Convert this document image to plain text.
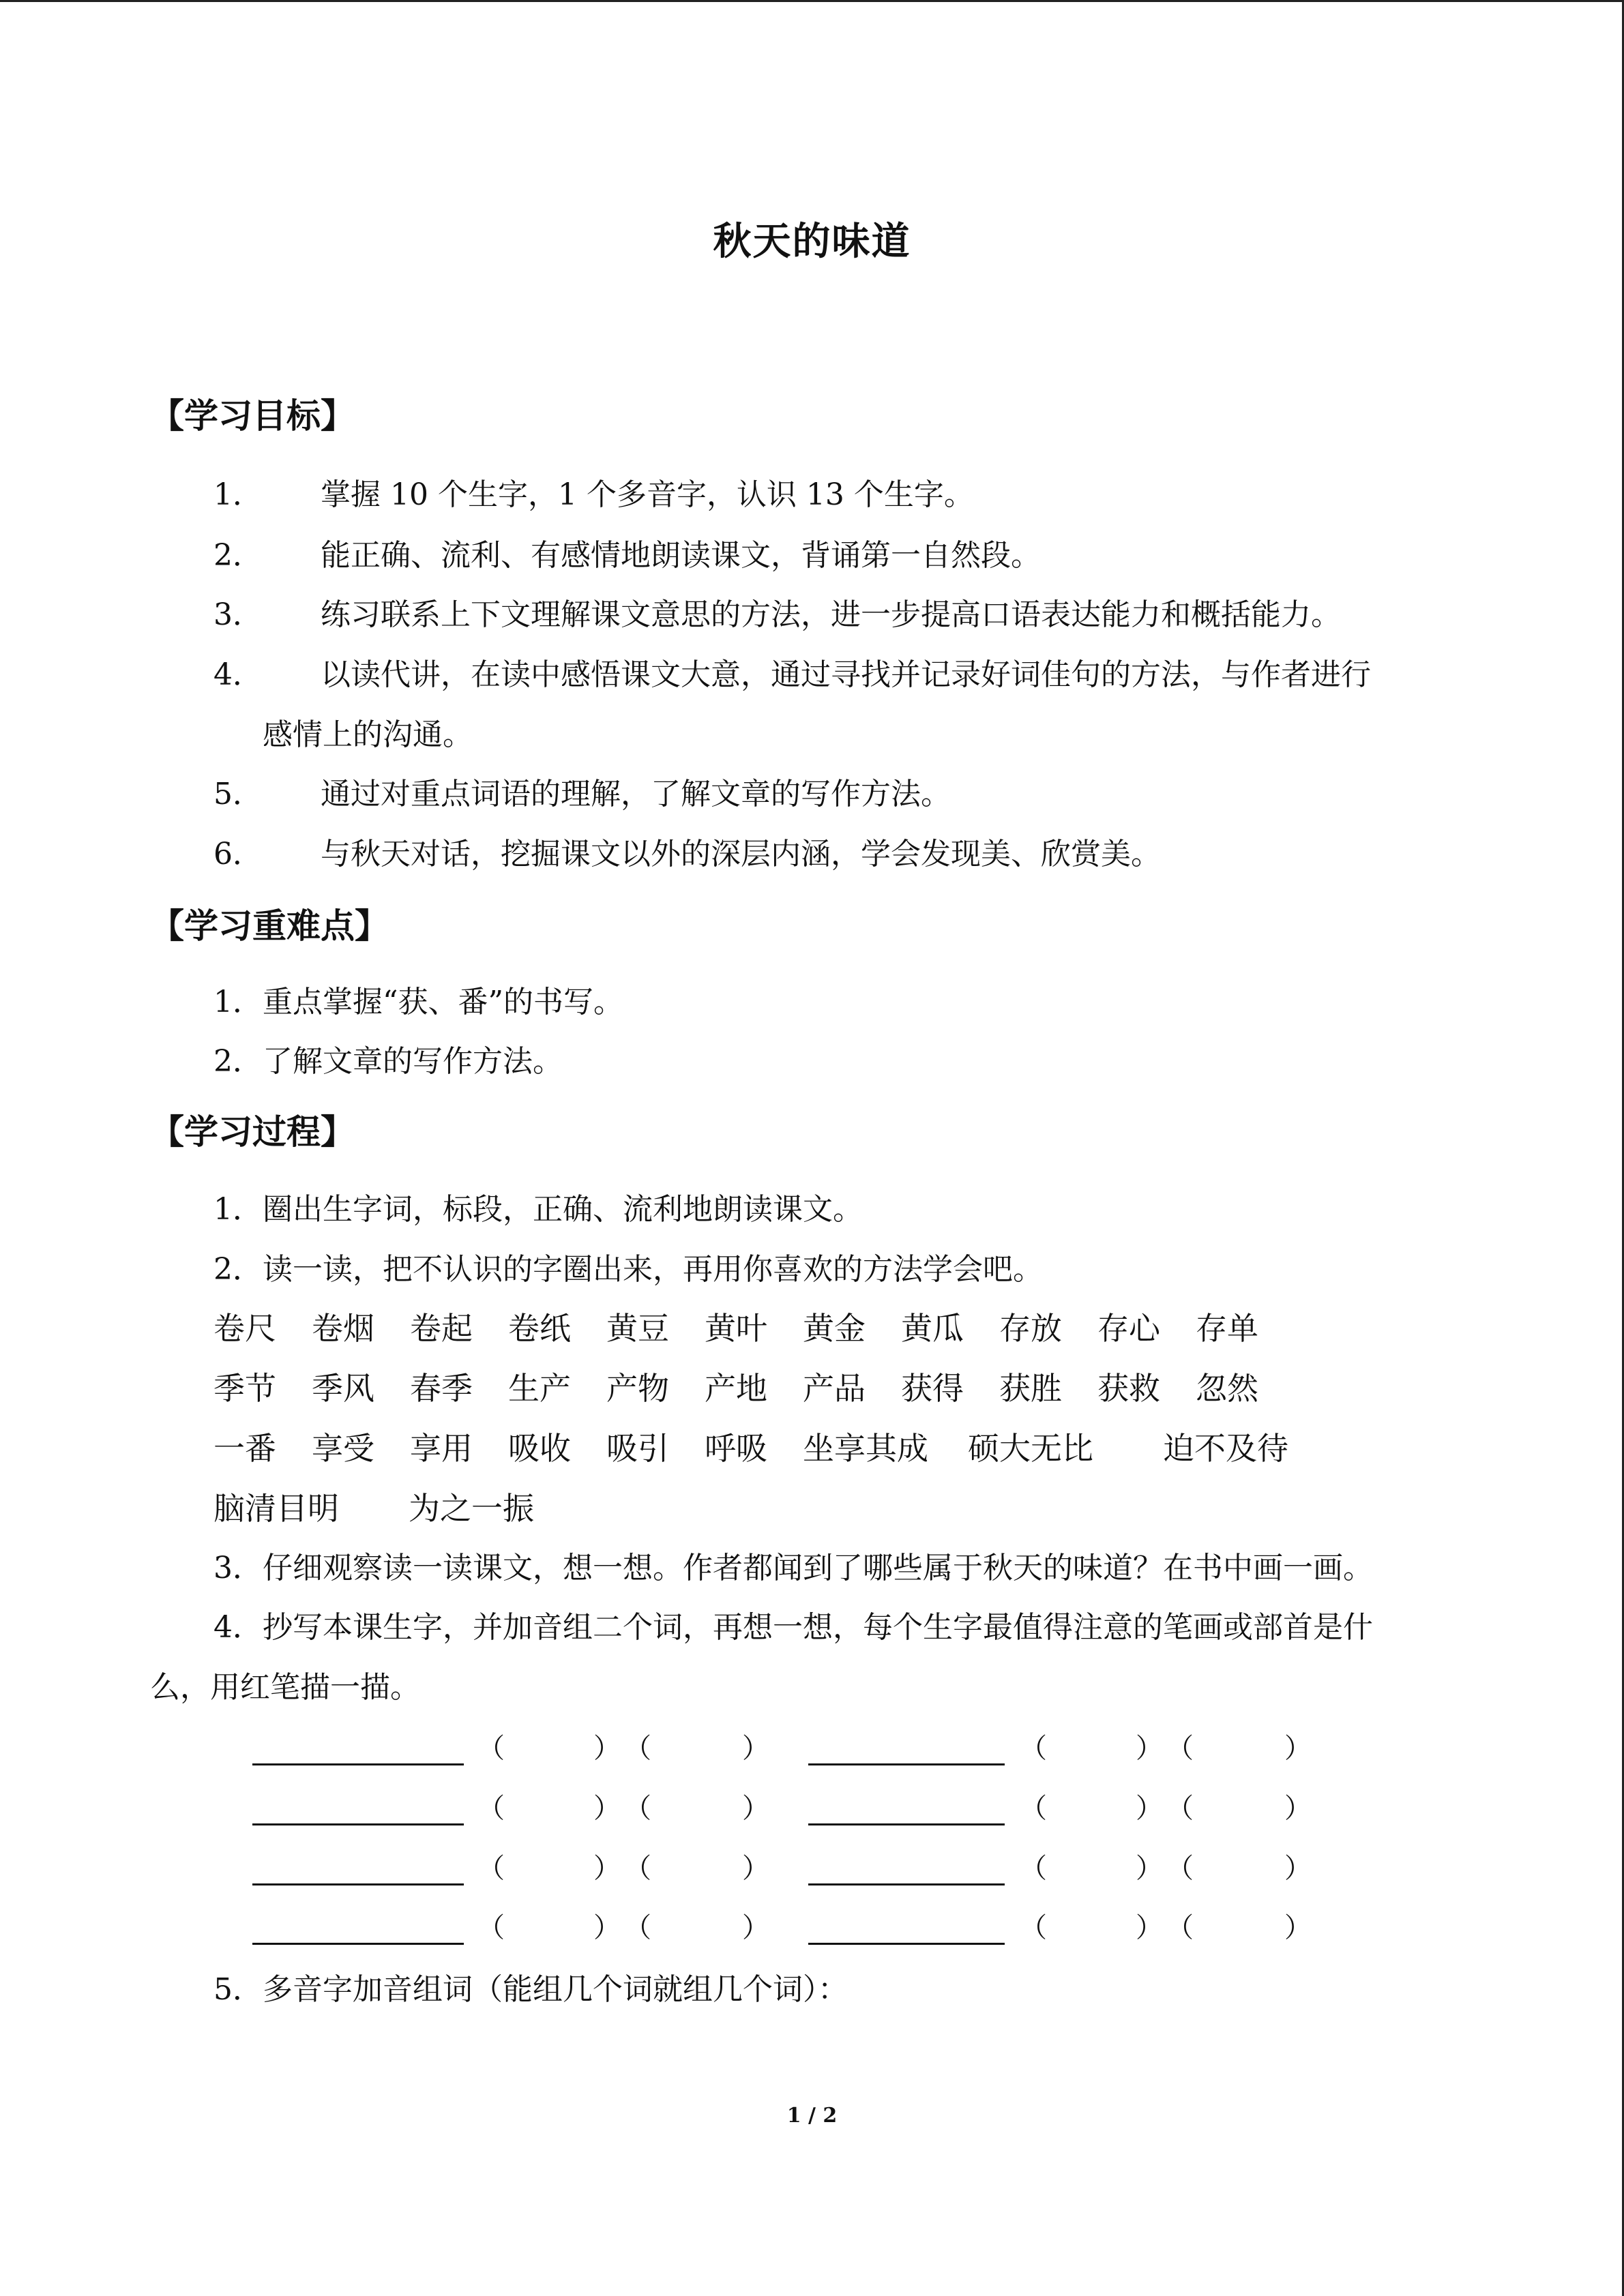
秋天的味道
【学习目标】
1． 掌握 10 个生字，1 个多音字，认识 13 个生字。
2． 能正确、流利、有感情地朗读课文，背诵第一自然段。
3． 练习联系上下文理解课文意思的方法，进一步提高口语表达能力和概括能力。
4． 以读代讲，在读中感悟课文大意，通过寻找并记录好词佳句的方法，与作者进行
感情上的沟通。
5． 通过对重点词语的理解，了解文章的写作方法。
6． 与秋天对话，挖掘课文以外的深层内涵，学会发现美、欣赏美。
【学习重难点】
1．重点掌握“获、番”的书写。
2．了解文章的写作方法。
【学习过程】
1．圈出生字词，标段，正确、流利地朗读课文。
2．读一读，把不认识的字圈出来，再用你喜欢的方法学会吧。
卷尺 卷烟 卷起 卷纸 黄豆 黄叶 黄金 黄瓜 存放 存心 存单
季节 季风 春季 生产 产物 产地 产品 获得 获胜 获救 忽然
一番 享受 享用 吸收 吸引 呼吸 坐享其成 硕大无比 迫不及待
脑清目明 为之一振
3．仔细观察读一读课文，想一想。作者都闻到了哪些属于秋天的味道？在书中画一画。
4．抄写本课生字，并加音组二个词，再想一想，每个生字最值得注意的笔画或部首是什
么，用红笔描一描。
（	） （	）	（	） （	）
（	） （	）	（	） （	）
（	） （	）	（	） （	）
（	） （	）	（	） （	）
5．多音字加音组词（能组几个词就组几个词）：
1 / 2
